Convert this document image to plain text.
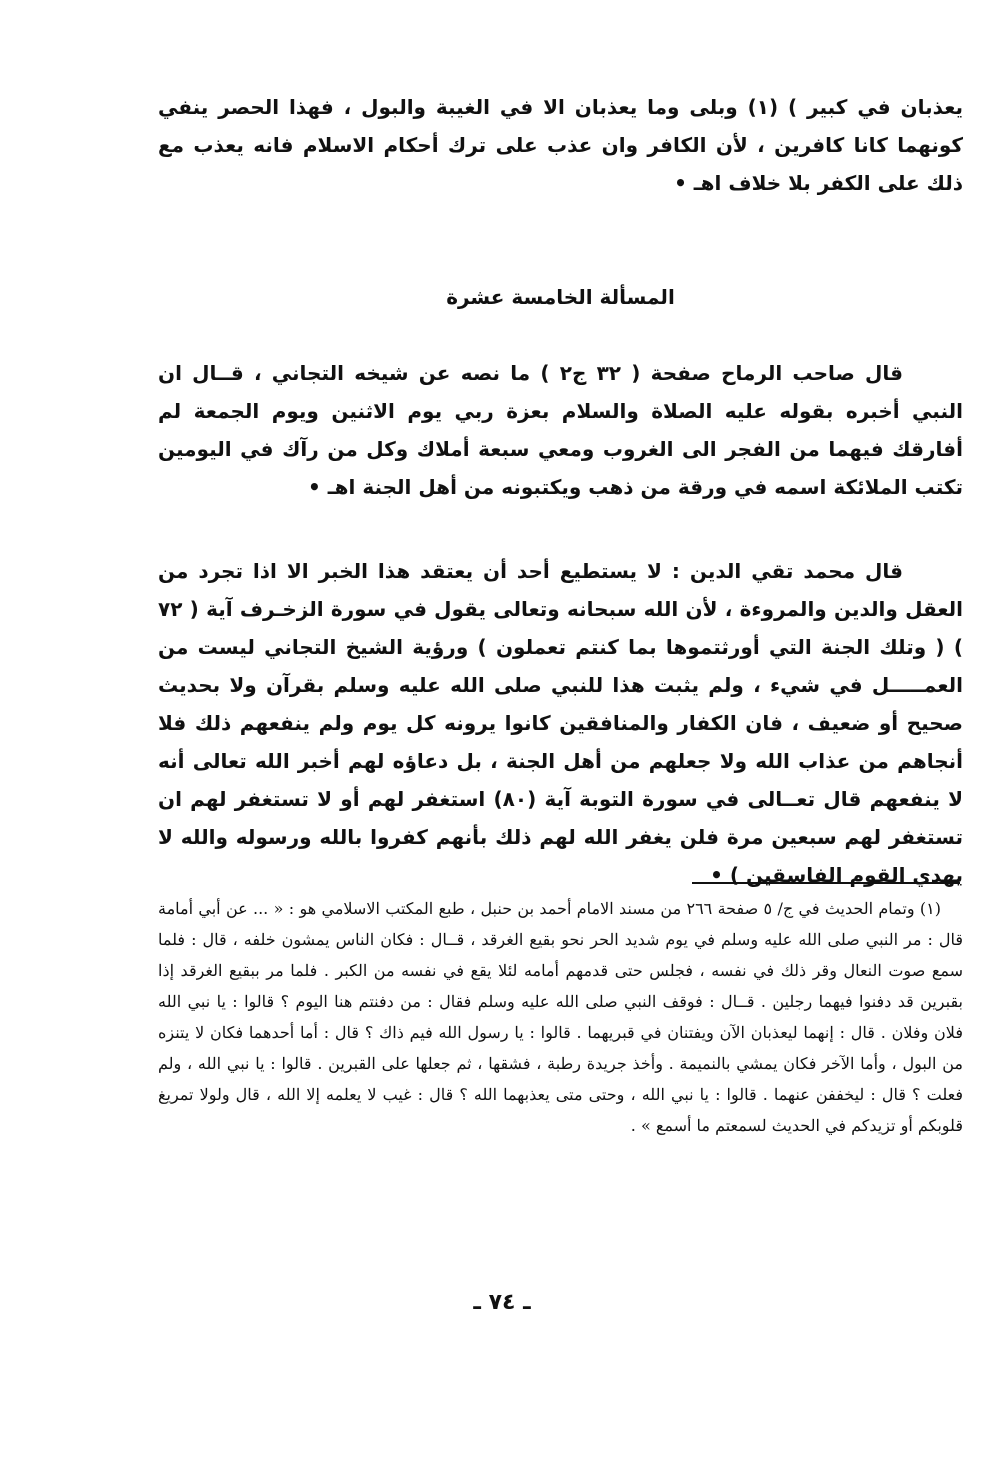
يعذبان في كبير ) (١) وبلى وما يعذبان الا في الغيبة والبول ، فهذا الحصر ينفي كونهما كانا كافرين ، لأن الكافر وان عذب على ترك أحكام الاسلام فانه يعذب مع ذلك على الكفر بلا خلاف اهـ •

المسألة الخامسة عشرة

قال صاحب الرماح صفحة ( ٣٢ ج٢ ) ما نصه عن شيخه التجاني ، قــال ان النبي أخبره بقوله عليه الصلاة والسلام بعزة ربي يوم الاثنين ويوم الجمعة لم أفارقك فيهما من الفجر الى الغروب ومعي سبعة أملاك وكل من رآك في اليومين تكتب الملائكة اسمه في ورقة من ذهب ويكتبونه من أهل الجنة اهـ •

قال محمد تقي الدين : لا يستطيع أحد أن يعتقد هذا الخبر الا اذا تجرد من العقل والدين والمروءة ، لأن الله سبحانه وتعالى يقول في سورة الزخـرف آية ( ٧٢ ) ( وتلك الجنة التي أورثتموها بما كنتم تعملون ) ورؤية الشيخ التجاني ليست من العمـــــل في شيء ، ولم يثبت هذا للنبي صلى الله عليه وسلم بقرآن ولا بحديث صحيح أو ضعيف ، فان الكفار والمنافقين كانوا يرونه كل يوم ولم ينفعهم ذلك فلا أنجاهم من عذاب الله ولا جعلهم من أهل الجنة ، بل دعاؤه لهم أخبر الله تعالى أنه لا ينفعهم قال تعــالى في سورة التوبة آية (٨٠) استغفر لهم أو لا تستغفر لهم ان تستغفر لهم سبعين مرة فلن يغفر الله لهم ذلك بأنهم كفروا بالله ورسوله والله لا يهدي القوم الفاسقين ) •

(١) وتمام الحديث في ج/ ٥ صفحة ٢٦٦ من مسند الامام أحمد بن حنبل ، طبع المكتب الاسلامي هو : « ... عن أبي أمامة قال : مر النبي صلى الله عليه وسلم في يوم شديد الحر نحو بقيع الغرقد ، قــال : فكان الناس يمشون خلفه ، قال : فلما سمع صوت النعال وقر ذلك في نفسه ، فجلس حتى قدمهم أمامه لئلا يقع في نفسه من الكبر . فلما مر ببقيع الغرقد إذا بقبرين قد دفنوا فيهما رجلين . قــال : فوقف النبي صلى الله عليه وسلم فقال : من دفنتم هنا اليوم ؟ قالوا : يا نبي الله فلان وفلان . قال : إنهما ليعذبان الآن ويفتنان في قبريهما . قالوا : يا رسول الله فيم ذاك ؟ قال : أما أحدهما فكان لا يتنزه من البول ، وأما الآخر فكان يمشي بالنميمة . وأخذ جريدة رطبة ، فشقها ، ثم جعلها على القبرين . قالوا : يا نبي الله ، ولم فعلت ؟ قال : ليخففن عنهما . قالوا : يا نبي الله ، وحتى متى يعذبهما الله ؟ قال : غيب لا يعلمه إلا الله ، قال ولولا تمريغ قلوبكم أو تزيدكم في الحديث لسمعتم ما أسمع » .

ـ ٧٤ ـ
